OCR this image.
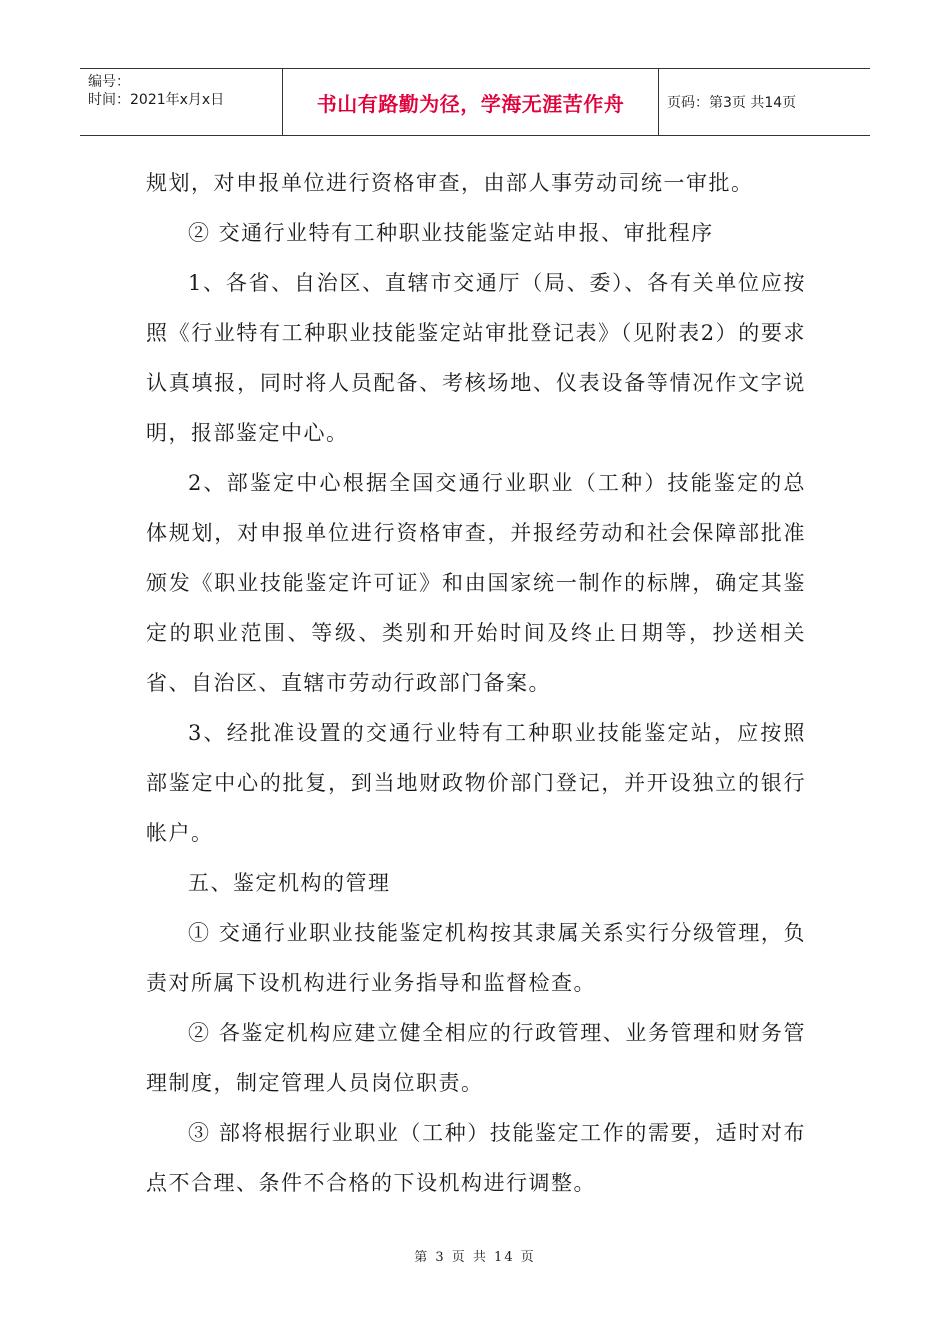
编号：
时间：2021年x月x日	书山有路勤为径，学海无涯苦作舟	页码：第3页 共14页

规划，对申报单位进行资格审查，由部人事劳动司统一审批。

② 交通行业特有工种职业技能鉴定站申报、审批程序

1、各省、自治区、直辖市交通厅（局、委）、各有关单位应按照《行业特有工种职业技能鉴定站审批登记表》（见附表2）的要求认真填报，同时将人员配备、考核场地、仪表设备等情况作文字说明，报部鉴定中心。

2、部鉴定中心根据全国交通行业职业（工种）技能鉴定的总体规划，对申报单位进行资格审查，并报经劳动和社会保障部批准颁发《职业技能鉴定许可证》和由国家统一制作的标牌，确定其鉴定的职业范围、等级、类别和开始时间及终止日期等，抄送相关省、自治区、直辖市劳动行政部门备案。

3、经批准设置的交通行业特有工种职业技能鉴定站，应按照部鉴定中心的批复，到当地财政物价部门登记，并开设独立的银行帐户。

五、鉴定机构的管理

① 交通行业职业技能鉴定机构按其隶属关系实行分级管理，负责对所属下设机构进行业务指导和监督检查。

② 各鉴定机构应建立健全相应的行政管理、业务管理和财务管理制度，制定管理人员岗位职责。

③ 部将根据行业职业（工种）技能鉴定工作的需要，适时对布点不合理、条件不合格的下设机构进行调整。

第 3 页 共 14 页
